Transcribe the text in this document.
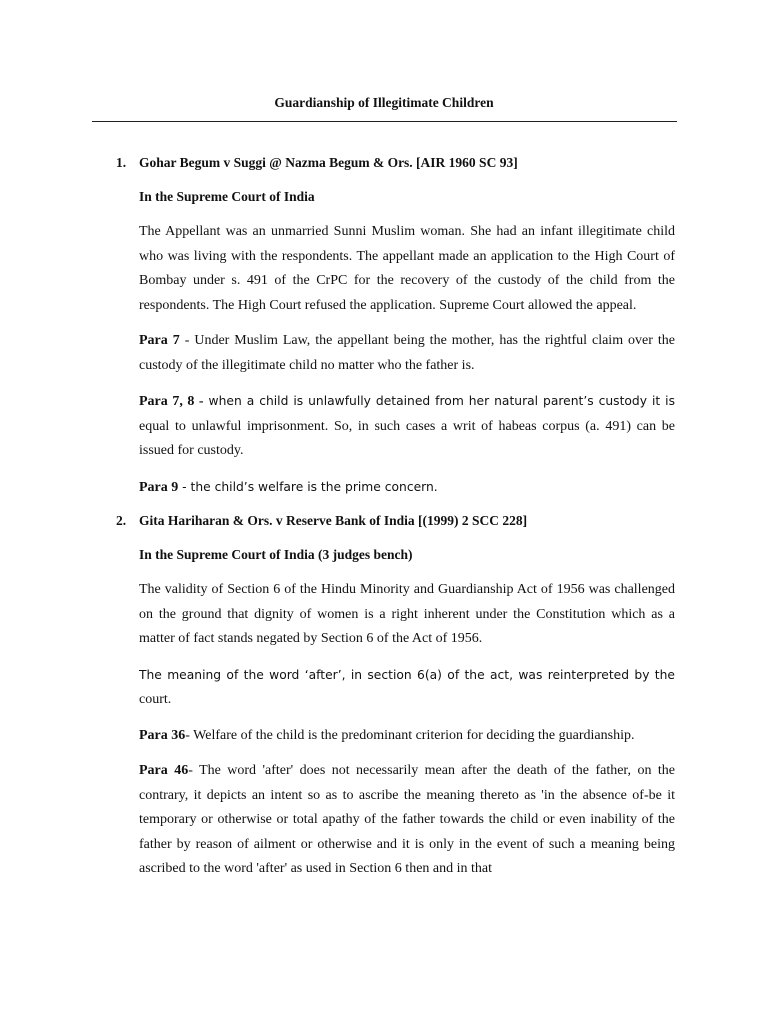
Guardianship of Illegitimate Children
1. Gohar Begum v Suggi @ Nazma Begum & Ors. [AIR 1960 SC 93]
In the Supreme Court of India

The Appellant was an unmarried Sunni Muslim woman. She had an infant illegitimate child who was living with the respondents. The appellant made an application to the High Court of Bombay under s. 491 of the CrPC for the recovery of the custody of the child from the respondents. The High Court refused the application. Supreme Court allowed the appeal.

Para 7 - Under Muslim Law, the appellant being the mother, has the rightful claim over the custody of the illegitimate child no matter who the father is.

Para 7, 8 - when a child is unlawfully detained from her natural parent’s custody it is equal to unlawful imprisonment. So, in such cases a writ of habeas corpus (a. 491) can be issued for custody.

Para 9 - the child’s welfare is the prime concern.

2. Gita Hariharan & Ors. v Reserve Bank of India [(1999) 2 SCC 228]
In the Supreme Court of India (3 judges bench)

The validity of Section 6 of the Hindu Minority and Guardianship Act of 1956 was challenged on the ground that dignity of women is a right inherent under the Constitution which as a matter of fact stands negated by Section 6 of the Act of 1956.

The meaning of the word ‘after’, in section 6(a) of the act, was reinterpreted by the court.

Para 36- Welfare of the child is the predominant criterion for deciding the guardianship.

Para 46- The word 'after' does not necessarily mean after the death of the father, on the contrary, it depicts an intent so as to ascribe the meaning thereto as 'in the absence of-be it temporary or otherwise or total apathy of the father towards the child or even inability of the father by reason of ailment or otherwise and it is only in the event of such a meaning being ascribed to the word 'after' as used in Section 6 then and in that
